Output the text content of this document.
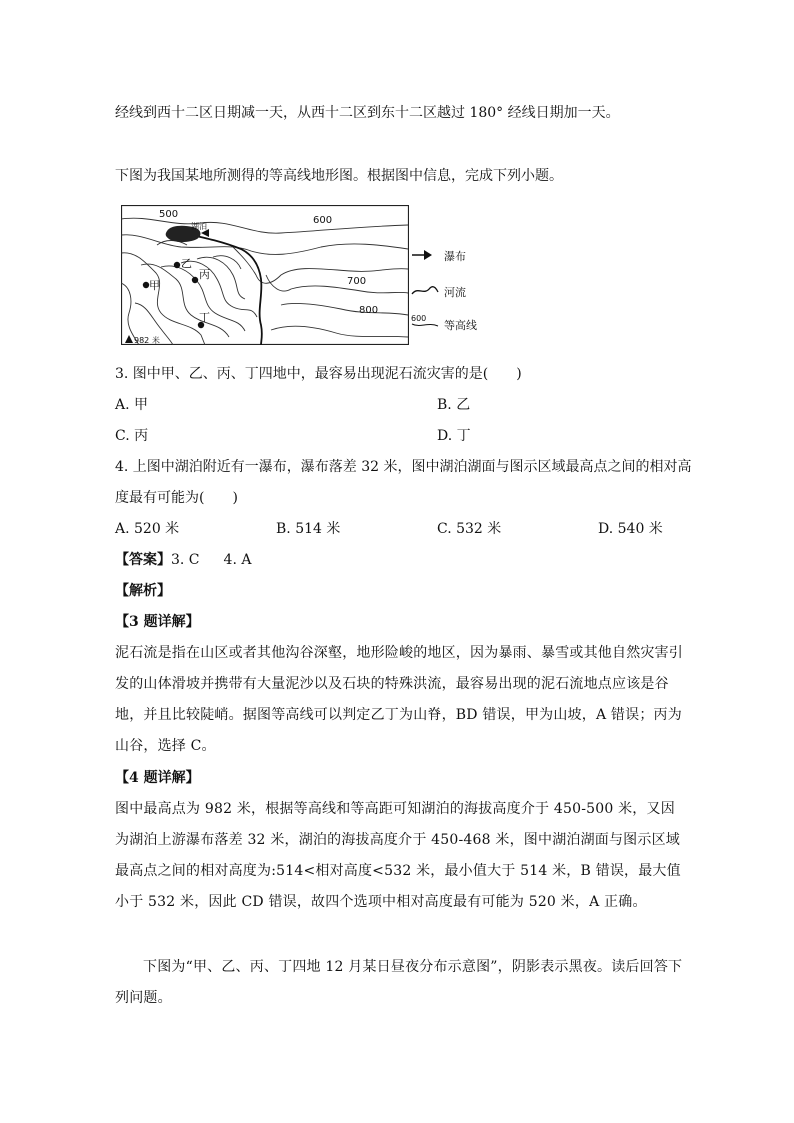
经线到西十二区日期减一天，从西十二区到东十二区越过 180° 经线日期加一天。
下图为我国某地所测得的等高线地形图。根据图中信息，完成下列小题。
500
600
700
800
湖泊
甲
乙
丙
丁
982 米
瀑布
河流
600
等高线
3. 图中甲、乙、丙、丁四地中，最容易出现泥石流灾害的是(　　)
A. 甲	B. 乙
C. 丙	D. 丁
4. 上图中湖泊附近有一瀑布，瀑布落差 32 米，图中湖泊湖面与图示区域最高点之间的相对高
度最有可能为(　　)
A. 520 米	B. 514 米	C. 532 米	D. 540 米
【答案】3. C 4. A
【解析】
【3 题详解】
泥石流是指在山区或者其他沟谷深壑，地形险峻的地区，因为暴雨、暴雪或其他自然灾害引发的山体滑坡并携带有大量泥沙以及石块的特殊洪流，最容易出现的泥石流地点应该是谷地，并且比较陡峭。据图等高线可以判定乙丁为山脊，BD 错误，甲为山坡，A 错误；丙为山谷，选择 C。
【4 题详解】
图中最高点为 982 米，根据等高线和等高距可知湖泊的海拔高度介于 450-500 米，又因为湖泊上游瀑布落差 32 米，湖泊的海拔高度介于 450-468 米，图中湖泊湖面与图示区域最高点之间的相对高度为:514<相对高度<532 米，最小值大于 514 米，B 错误，最大值小于 532 米，因此 CD 错误，故四个选项中相对高度最有可能为 520 米，A 正确。
下图为“甲、乙、丙、丁四地 12 月某日昼夜分布示意图”，阴影表示黑夜。读后回答下列问题。
